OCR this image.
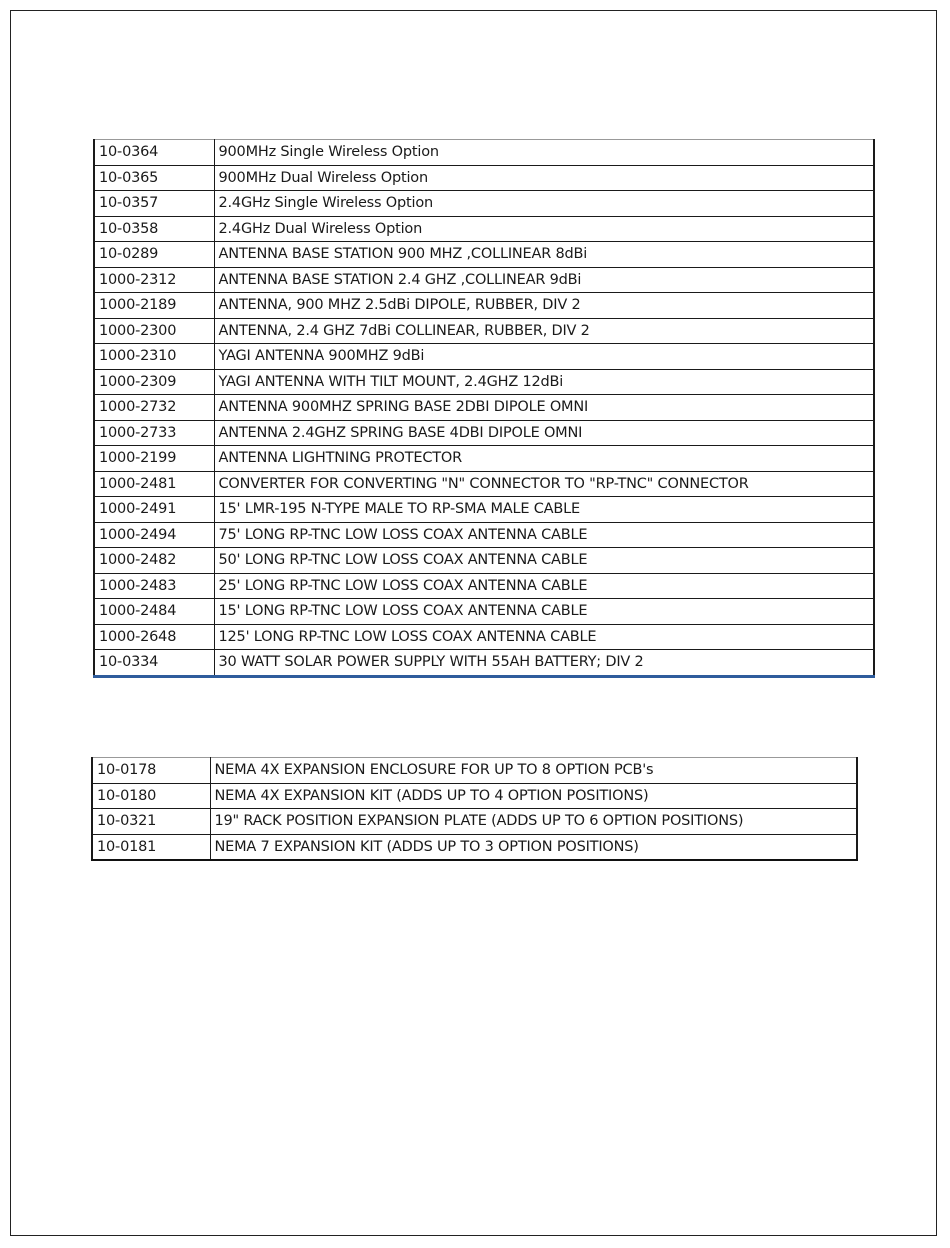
10-0364	900MHz Single Wireless Option
10-0365	900MHz Dual Wireless Option
10-0357	2.4GHz Single Wireless Option
10-0358	2.4GHz Dual Wireless Option
10-0289	ANTENNA BASE STATION 900 MHZ ,COLLINEAR 8dBi
1000-2312	ANTENNA BASE STATION 2.4 GHZ ,COLLINEAR 9dBi
1000-2189	ANTENNA, 900 MHZ 2.5dBi DIPOLE, RUBBER, DIV 2
1000-2300	ANTENNA, 2.4 GHZ 7dBi COLLINEAR, RUBBER, DIV 2
1000-2310	YAGI ANTENNA 900MHZ 9dBi
1000-2309	YAGI ANTENNA WITH TILT MOUNT, 2.4GHZ 12dBi
1000-2732	ANTENNA 900MHZ SPRING BASE 2DBI DIPOLE OMNI
1000-2733	ANTENNA 2.4GHZ SPRING BASE 4DBI DIPOLE OMNI
1000-2199	ANTENNA LIGHTNING PROTECTOR
1000-2481	CONVERTER FOR CONVERTING "N" CONNECTOR TO "RP-TNC" CONNECTOR
1000-2491	15' LMR-195 N-TYPE MALE TO RP-SMA MALE CABLE
1000-2494	75' LONG RP-TNC LOW LOSS COAX ANTENNA CABLE
1000-2482	50' LONG RP-TNC LOW LOSS COAX ANTENNA CABLE
1000-2483	25' LONG RP-TNC LOW LOSS COAX ANTENNA CABLE
1000-2484	15' LONG RP-TNC LOW LOSS COAX ANTENNA CABLE
1000-2648	125' LONG RP-TNC LOW LOSS COAX ANTENNA CABLE
10-0334	30 WATT SOLAR POWER SUPPLY WITH 55AH BATTERY; DIV 2
10-0178	NEMA 4X EXPANSION ENCLOSURE FOR UP TO 8 OPTION PCB's
10-0180	NEMA 4X EXPANSION KIT (ADDS UP TO 4 OPTION POSITIONS)
10-0321	19" RACK POSITION EXPANSION PLATE (ADDS UP TO 6 OPTION POSITIONS)
10-0181	NEMA 7 EXPANSION KIT (ADDS UP TO 3 OPTION POSITIONS)
